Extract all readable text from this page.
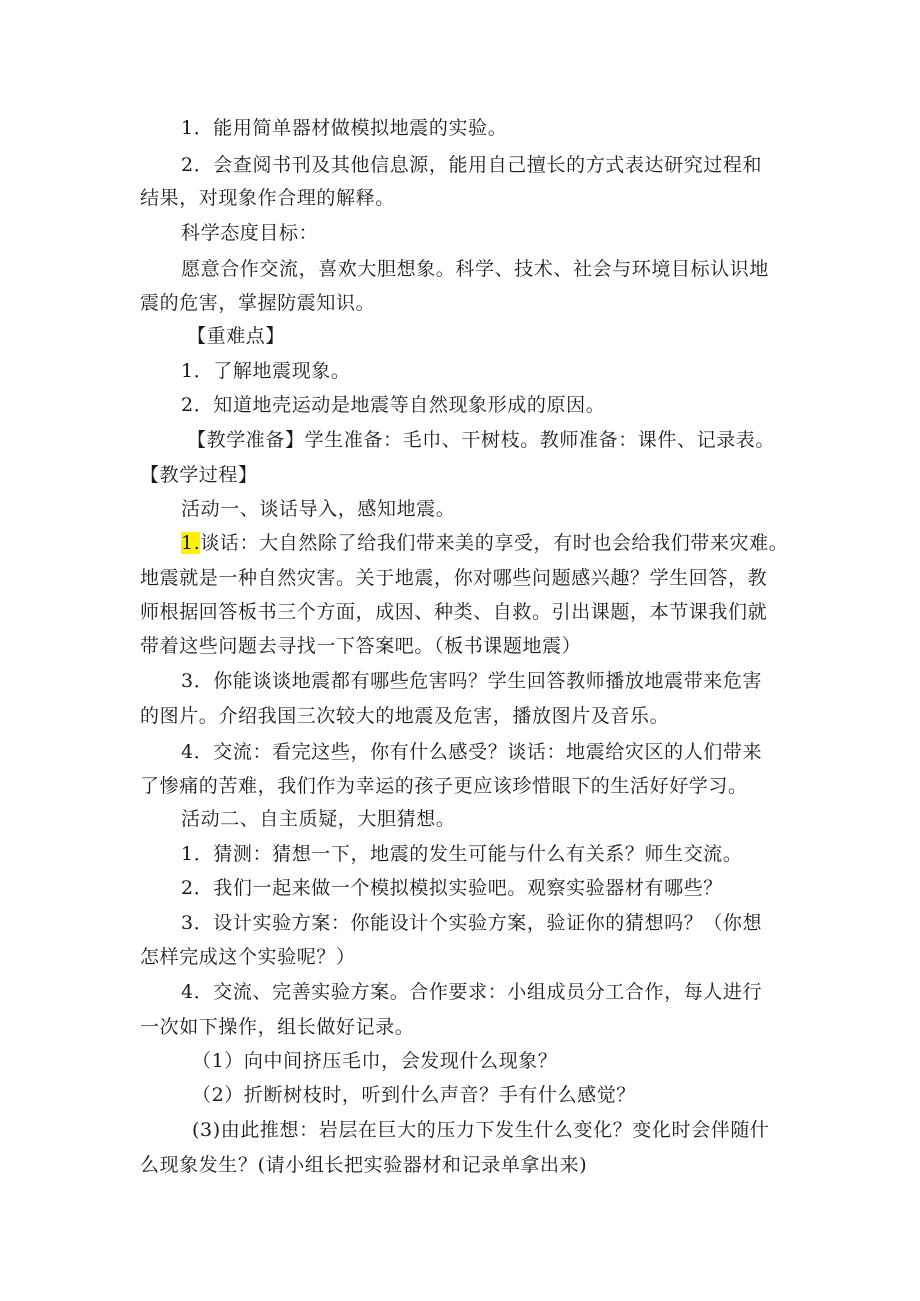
1．能用简单器材做模拟地震的实验。
2．会查阅书刊及其他信息源，能用自己擅长的方式表达研究过程和
结果，对现象作合理的解释。
科学态度目标：
愿意合作交流，喜欢大胆想象。科学、技术、社会与环境目标认识地
震的危害，掌握防震知识。
【重难点】
1．了解地震现象。
2．知道地壳运动是地震等自然现象形成的原因。
【教学准备】学生准备：毛巾、干树枝。教师准备：课件、记录表。
【教学过程】
活动一、谈话导入，感知地震。
1.谈话：大自然除了给我们带来美的享受，有时也会给我们带来灾难。
地震就是一种自然灾害。关于地震，你对哪些问题感兴趣？学生回答，教
师根据回答板书三个方面，成因、种类、自救。引出课题，本节课我们就
带着这些问题去寻找一下答案吧。（板书课题地震）
3．你能谈谈地震都有哪些危害吗？学生回答教师播放地震带来危害
的图片。介绍我国三次较大的地震及危害，播放图片及音乐。
4．交流：看完这些，你有什么感受？谈话：地震给灾区的人们带来
了惨痛的苦难，我们作为幸运的孩子更应该珍惜眼下的生活好好学习。
活动二、自主质疑，大胆猜想。
1．猜测：猜想一下，地震的发生可能与什么有关系？师生交流。
2．我们一起来做一个模拟模拟实验吧。观察实验器材有哪些？
3．设计实验方案：你能设计个实验方案，验证你的猜想吗？（你想
怎样完成这个实验呢？）
4．交流、完善实验方案。合作要求：小组成员分工合作，每人进行
一次如下操作，组长做好记录。
（1）向中间挤压毛巾，会发现什么现象？
（2）折断树枝时，听到什么声音？手有什么感觉？
(3)由此推想：岩层在巨大的压力下发生什么变化？变化时会伴随什
么现象发生？(请小组长把实验器材和记录单拿出来)
